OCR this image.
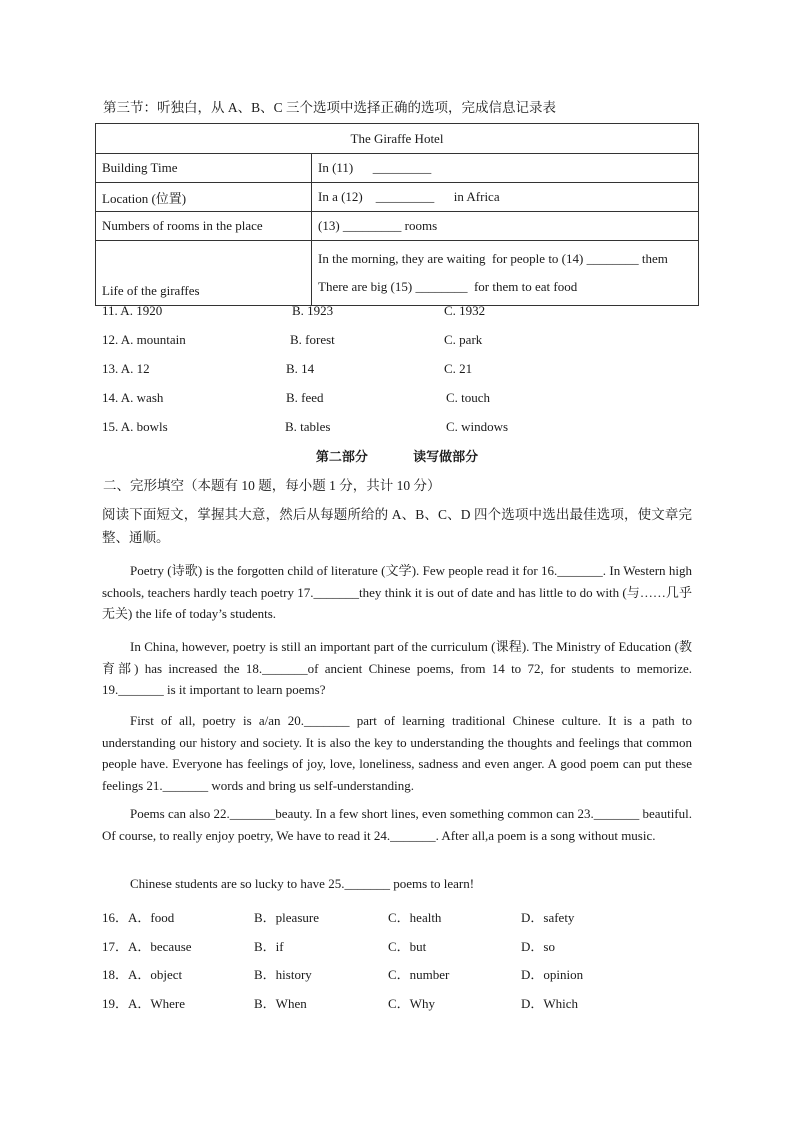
第三节：听独白，从 A、B、C 三个选项中选择正确的选项，完成信息记录表
The Giraffe Hotel	
Building Time	In (11)      _________
Location (位置)	In a (12)    _________      in Africa
Numbers of rooms in the place	(13) _________ rooms
Life of the giraffes	In the morning, they are waiting  for people to (14) ________ them
There are big (15) ________  for them to eat food
11. A. 1920	B. 1923	C. 1932
12. A. mountain	B. forest	C. park
13. A. 12	B. 14	C. 21
14. A. wash	B. feed	C. touch
15. A. bowls	B. tables	C. windows
第二部分          读写做部分
二、完形填空（本题有 10 题，每小题 1 分，共计 10 分）
阅读下面短文，掌握其大意，然后从每题所给的 A、B、C、D 四个选项中选出最佳选项，使文章完整、通顺。
Poetry (诗歌) is the forgotten child of literature (文学). Few people read it for 16._______. In Western high schools, teachers hardly teach poetry 17._______they think it is out of date and has little to do with (与……几乎无关) the life of today’s students.
In China, however, poetry is still an important part of the curriculum (课程). The Ministry of Education (教育部) has increased the 18._______of ancient Chinese poems, from 14 to 72, for students to memorize. 19._______ is it important to learn poems?
First of all, poetry is a/an 20._______ part of learning traditional Chinese culture. It is a path to understanding our history and society. It is also the key to understanding the thoughts and feelings that common people have. Everyone has feelings of joy, love, loneliness, sadness and even anger. A good poem can put these feelings 21._______ words and bring us self-understanding.
Poems can also 22._______beauty. In a few short lines, even something common can 23._______ beautiful. Of course, to really enjoy poetry, We have to read it 24._______. After all,a poem is a song without music.
Chinese students are so lucky to have 25._______ poems to learn!
16．A．food	B．pleasure	C．health	D．safety
17．A．because	B．if	C．but	D．so
18．A．object	B．history	C．number	D．opinion
19．A．Where	B．When	C．Why	D．Which
